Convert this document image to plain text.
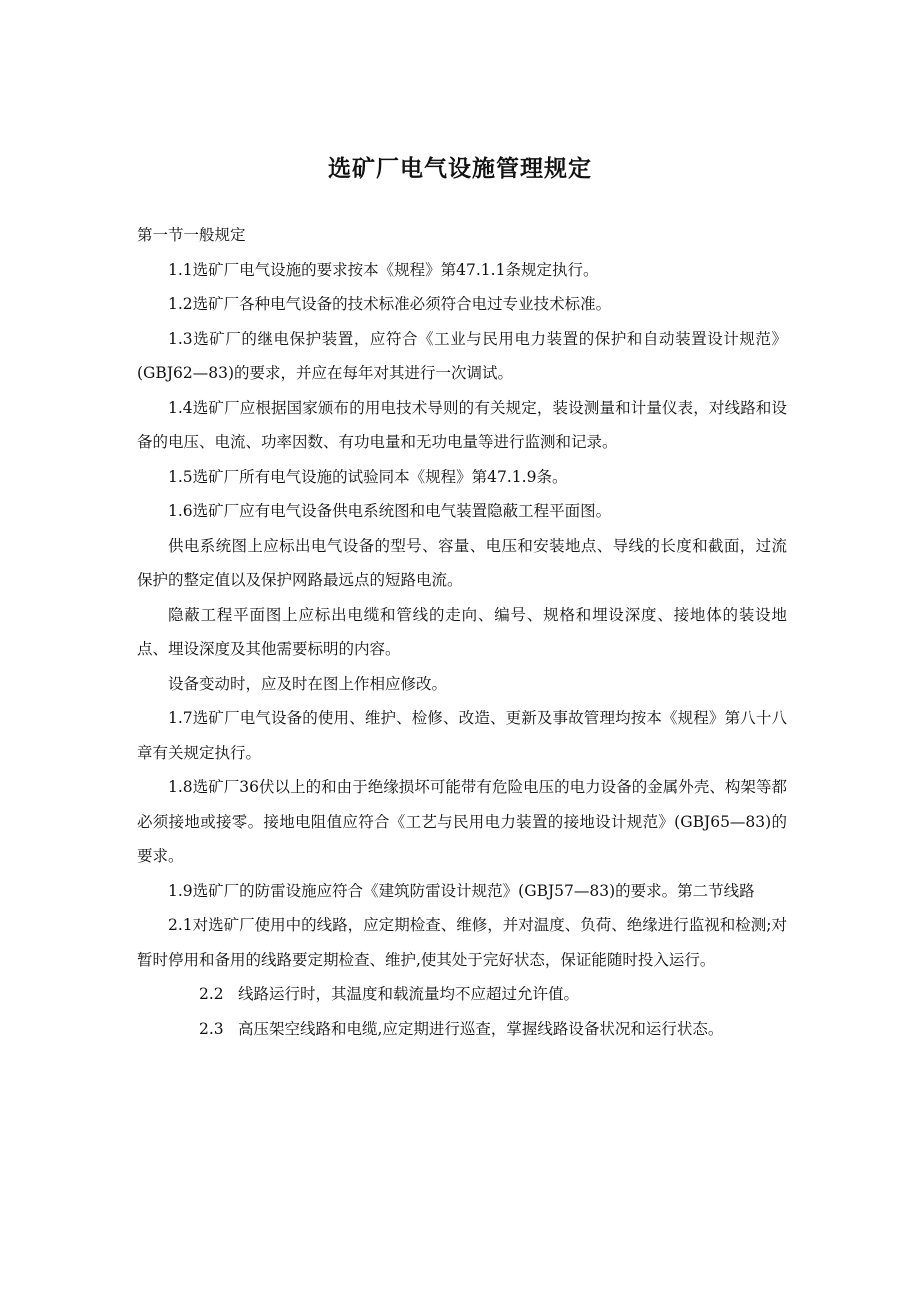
选矿厂电气设施管理规定

第一节一般规定

1.1选矿厂电气设施的要求按本《规程》第47.1.1条规定执行。

1.2选矿厂各种电气设备的技术标准必须符合电过专业技术标准。

1.3选矿厂的继电保护装置，应符合《工业与民用电力装置的保护和自动装置设计规范》(GBJ62—83)的要求，并应在每年对其进行一次调试。

1.4选矿厂应根据国家颁布的用电技术导则的有关规定，装设测量和计量仪表，对线路和设备的电压、电流、功率因数、有功电量和无功电量等进行监测和记录。

1.5选矿厂所有电气设施的试验同本《规程》第47.1.9条。

1.6选矿厂应有电气设备供电系统图和电气装置隐蔽工程平面图。

供电系统图上应标出电气设备的型号、容量、电压和安装地点、导线的长度和截面，过流保护的整定值以及保护网路最远点的短路电流。

隐蔽工程平面图上应标出电缆和管线的走向、编号、规格和埋设深度、接地体的装设地点、埋设深度及其他需要标明的内容。

设备变动时，应及时在图上作相应修改。

1.7选矿厂电气设备的使用、维护、检修、改造、更新及事故管理均按本《规程》第八十八章有关规定执行。

1.8选矿厂36伏以上的和由于绝缘损坏可能带有危险电压的电力设备的金属外壳、构架等都必须接地或接零。接地电阻值应符合《工艺与民用电力装置的接地设计规范》(GBJ65—83)的要求。

1.9选矿厂的防雷设施应符合《建筑防雷设计规范》(GBJ57—83)的要求。第二节线路

2.1对选矿厂使用中的线路，应定期检查、维修，并对温度、负荷、绝缘进行监视和检测;对暂时停用和备用的线路要定期检查、维护,使其处于完好状态，保证能随时投入运行。

2.2 线路运行时，其温度和载流量均不应超过允许值。

2.3 高压架空线路和电缆,应定期进行巡查，掌握线路设备状况和运行状态。
